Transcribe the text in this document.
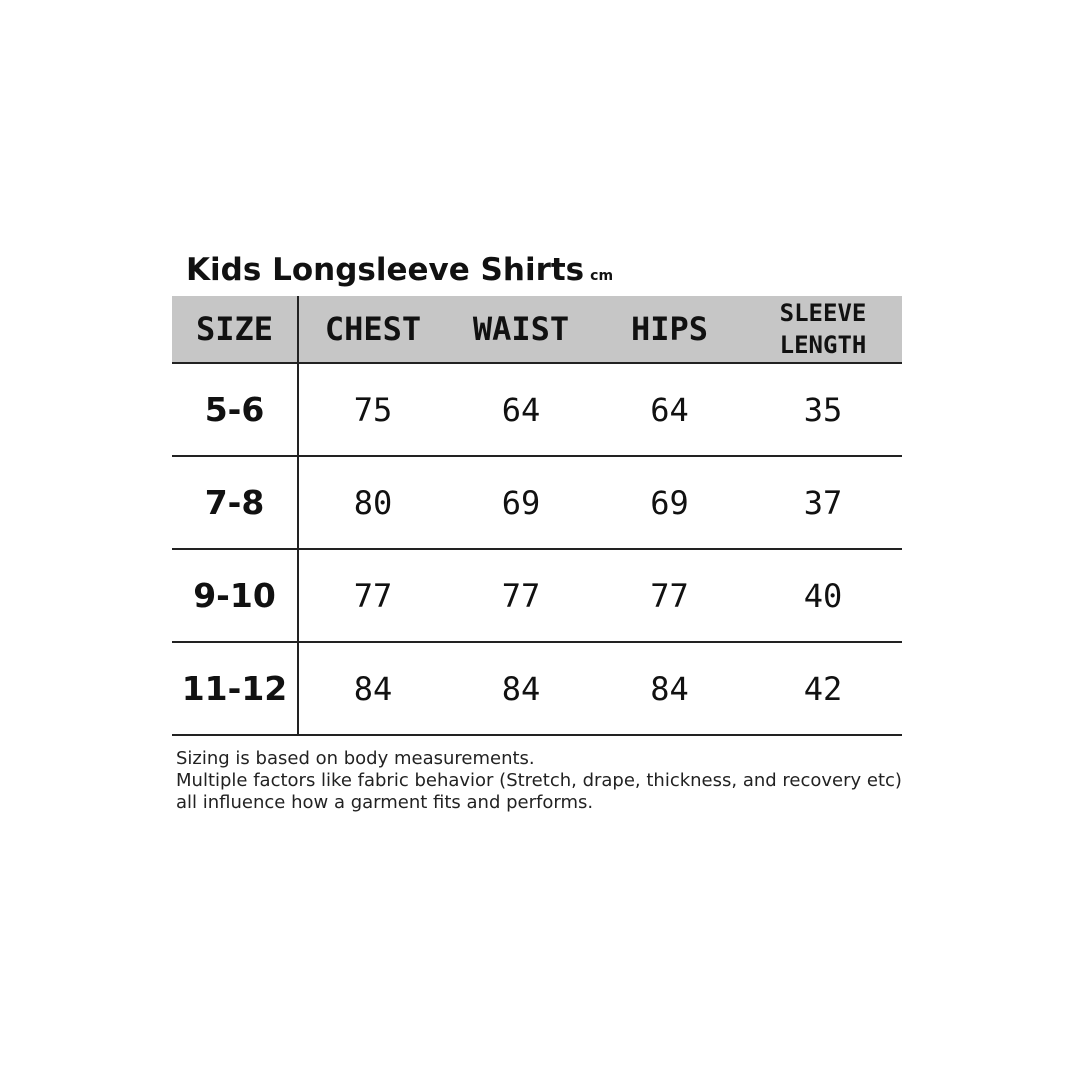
Kids Longsleeve Shirts cm
SIZE	CHEST	WAIST	HIPS	SLEEVE
LENGTH
5-6	75	64	64	35
7-8	80	69	69	37
9-10	77	77	77	40
11-12	84	84	84	42
Sizing is based on body measurements.
Multiple factors like fabric behavior (Stretch, drape, thickness, and recovery etc)
all influence how a garment fits and performs.
